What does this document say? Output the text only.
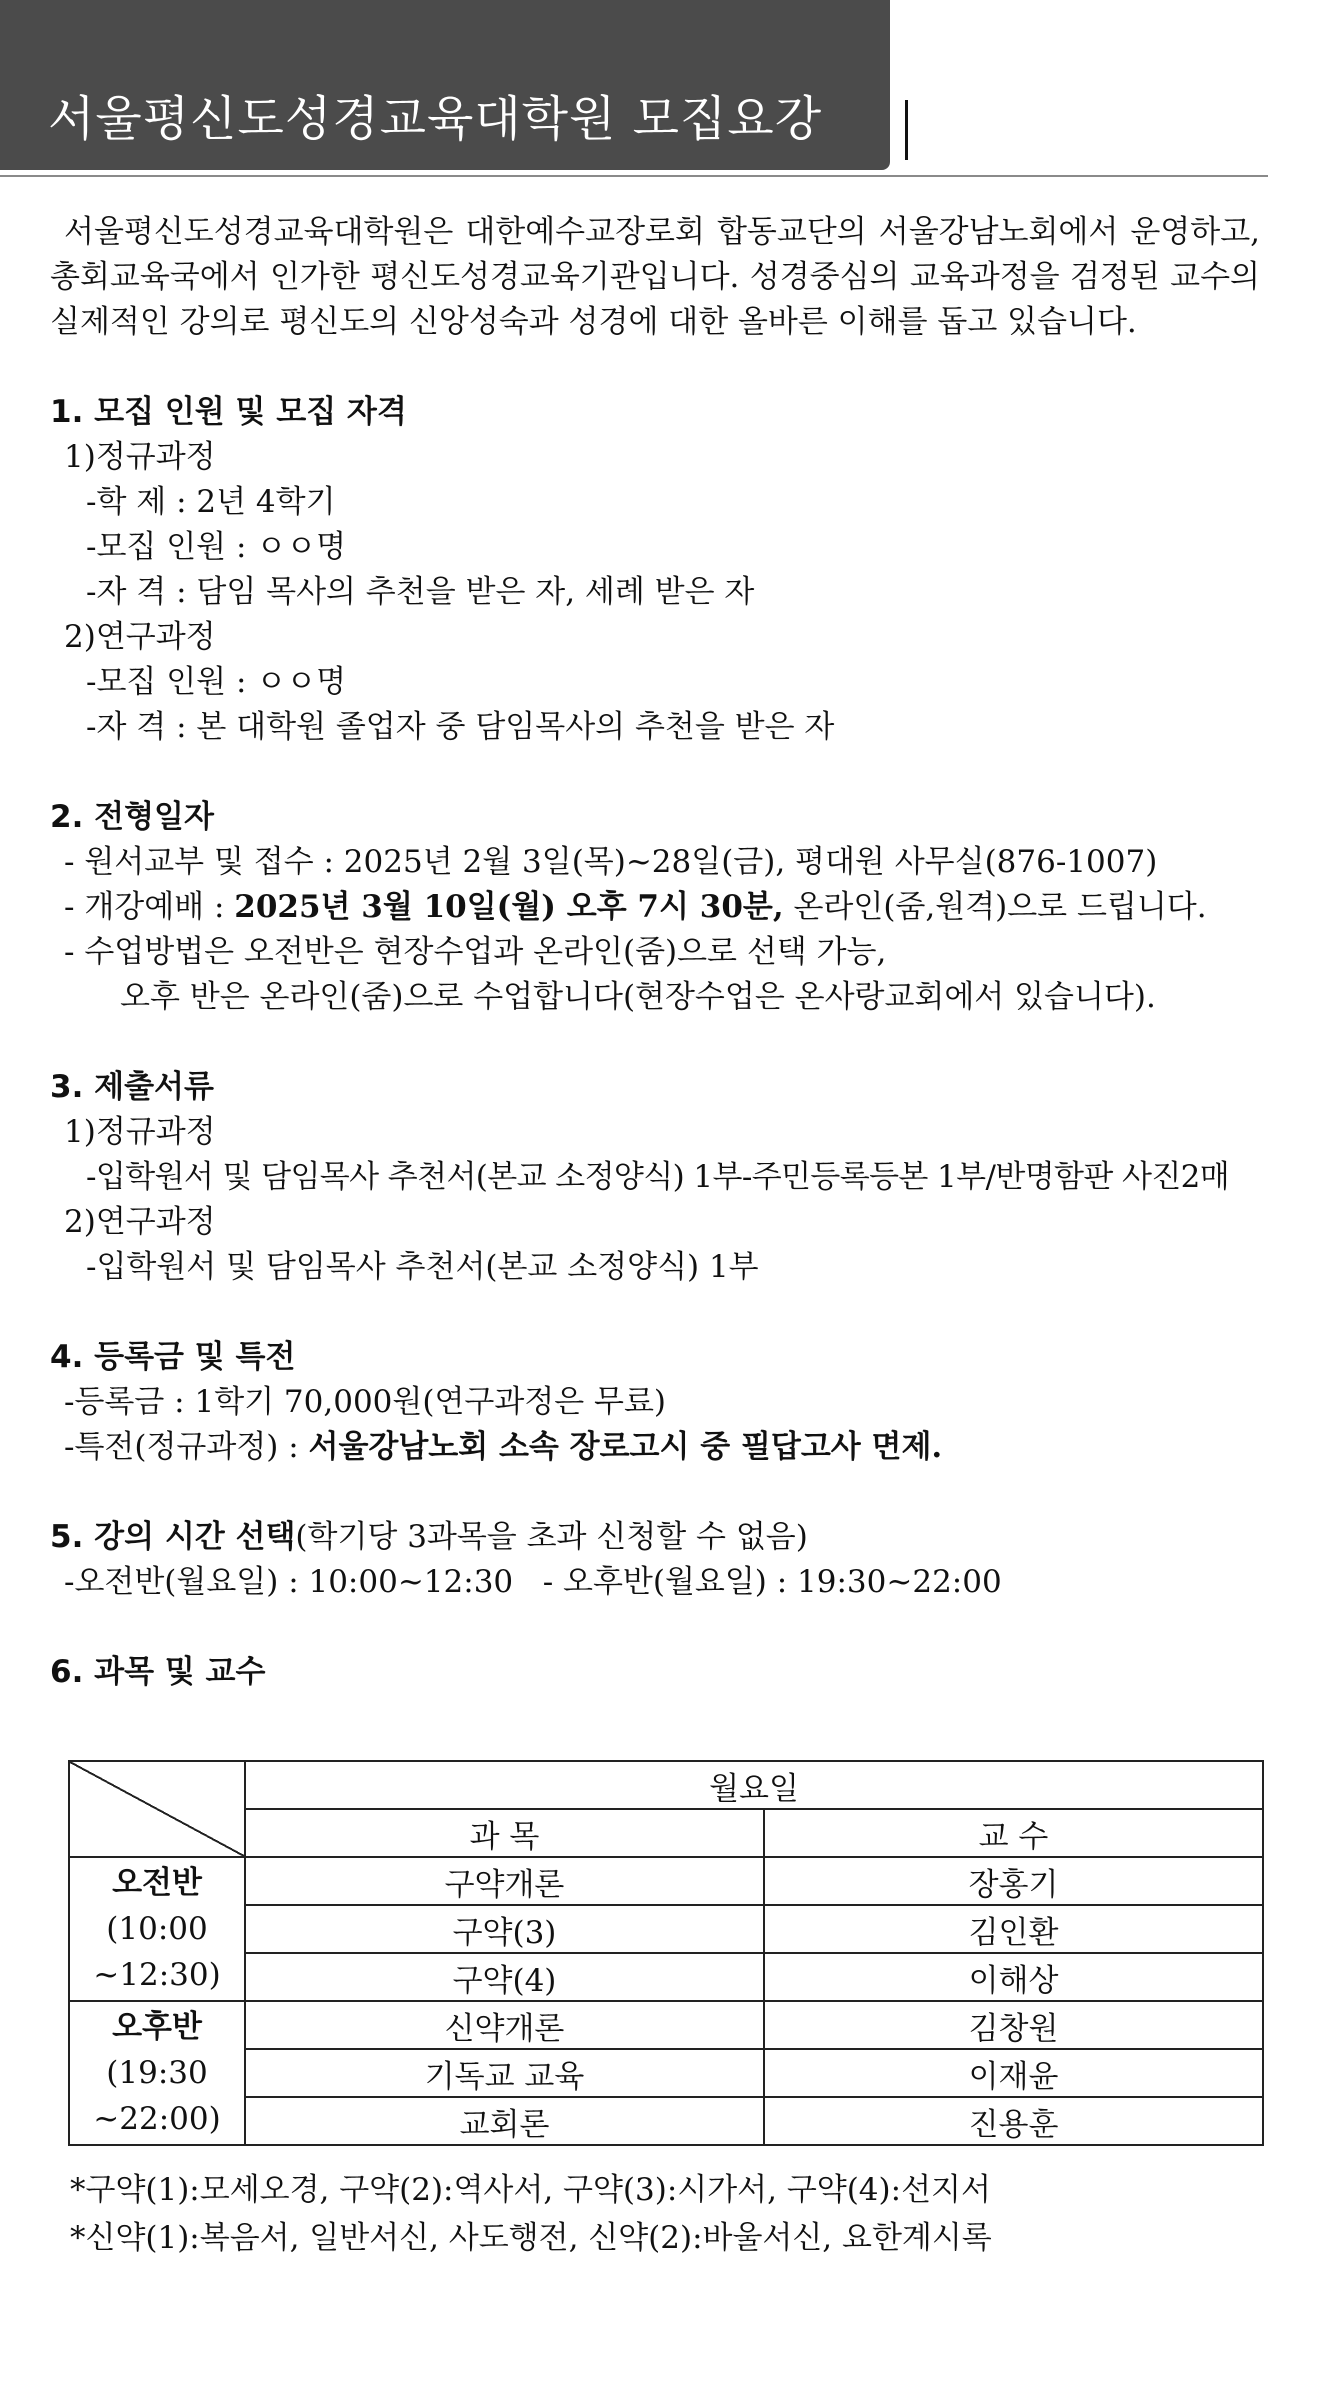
서울평신도성경교육대학원 모집요강

서울평신도성경교육대학원은 대한예수교장로회 합동교단의 서울강남노회에서 운영하고, 총회교육국에서 인가한 평신도성경교육기관입니다. 성경중심의 교육과정을 검정된 교수의 실제적인 강의로 평신도의 신앙성숙과 성경에 대한 올바른 이해를 돕고 있습니다.

1. 모집 인원 및 모집 자격
1)정규과정
-학 제 : 2년 4학기
-모집 인원 : ㅇㅇ명
-자 격 : 담임 목사의 추천을 받은 자, 세례 받은 자
2)연구과정
-모집 인원 : ㅇㅇ명
-자 격 : 본 대학원 졸업자 중 담임목사의 추천을 받은 자
2. 전형일자
- 원서교부 및 접수 : 2025년 2월 3일(목)~28일(금), 평대원 사무실(876-1007)
- 개강예배 : 2025년 3월 10일(월) 오후 7시 30분, 온라인(줌,원격)으로 드립니다.
- 수업방법은 오전반은 현장수업과 온라인(줌)으로 선택 가능,
오후 반은 온라인(줌)으로 수업합니다(현장수업은 온사랑교회에서 있습니다).
3. 제출서류
1)정규과정
-입학원서 및 담임목사 추천서(본교 소정양식) 1부-주민등록등본 1부/반명함판 사진2매
2)연구과정
-입학원서 및 담임목사 추천서(본교 소정양식) 1부
4. 등록금 및 특전
-등록금 : 1학기 70,000원(연구과정은 무료)
-특전(정규과정) : 서울강남노회 소속 장로고시 중 필답고사 면제.
5. 강의 시간 선택(학기당 3과목을 초과 신청할 수 없음)
-오전반(월요일) : 10:00~12:30   - 오후반(월요일) : 19:30~22:00
6. 과목 및 교수
	월요일	
	과 목	교 수

오전반
(10:00
~12:30)	구약개론	장홍기
	구약(3)	김인환
	구약(4)	이해상

오후반
(19:30
~22:00)	신약개론	김창원
	기독교 교육	이재윤
	교회론	진용훈
*구약(1):모세오경, 구약(2):역사서, 구약(3):시가서, 구약(4):선지서
*신약(1):복음서, 일반서신, 사도행전, 신약(2):바울서신, 요한계시록
